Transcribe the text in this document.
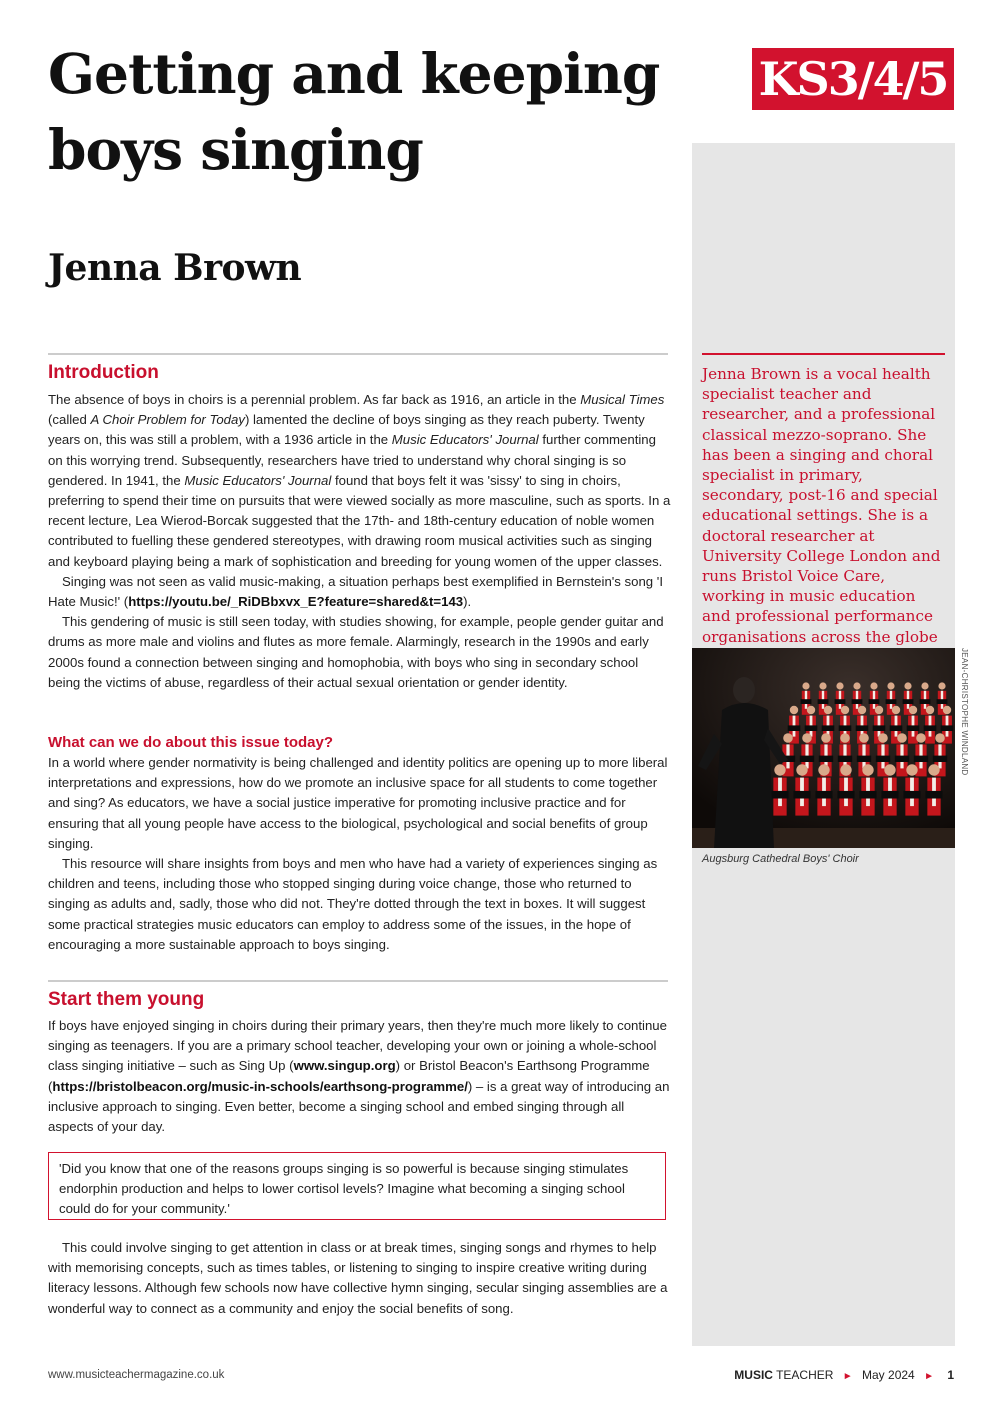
Getting and keeping boys singing
KS3/4/5
Jenna Brown

Jenna Brown is a vocal health specialist teacher and researcher, and a professional classical mezzo-soprano. She has been a singing and choral specialist in primary, secondary, post-16 and special educational settings. She is a doctoral researcher at University College London and runs Bristol Voice Care, working in music education and professional performance organisations across the globe

JEAN-CHRISTOPHE WINDLAND

Augsburg Cathedral Boys' Choir

Introduction

The absence of boys in choirs is a perennial problem. As far back as 1916, an article in the Musical Times (called A Choir Problem for Today) lamented the decline of boys singing as they reach puberty. Twenty years on, this was still a problem, with a 1936 article in the Music Educators' Journal further commenting on this worrying trend. Subsequently, researchers have tried to understand why choral singing is so gendered. In 1941, the Music Educators' Journal found that boys felt it was 'sissy' to sing in choirs, preferring to spend their time on pursuits that were viewed socially as more masculine, such as sports. In a recent lecture, Lea Wierod-Borcak suggested that the 17th- and 18th-century education of noble women contributed to fuelling these gendered stereotypes, with drawing room musical activities such as singing and keyboard playing being a mark of sophistication and breeding for young women of the upper classes.

Singing was not seen as valid music-making, a situation perhaps best exemplified in Bernstein's song 'I Hate Music!' (https://youtu.be/_RiDBbxvx_E?feature=shared&t=143).

This gendering of music is still seen today, with studies showing, for example, people gender guitar and drums as more male and violins and flutes as more female. Alarmingly, research in the 1990s and early 2000s found a connection between singing and homophobia, with boys who sing in secondary school being the victims of abuse, regardless of their actual sexual orientation or gender identity.

What can we do about this issue today?

In a world where gender normativity is being challenged and identity politics are opening up to more liberal interpretations and expressions, how do we promote an inclusive space for all students to come together and sing? As educators, we have a social justice imperative for promoting inclusive practice and for ensuring that all young people have access to the biological, psychological and social benefits of group singing.

This resource will share insights from boys and men who have had a variety of experiences singing as children and teens, including those who stopped singing during voice change, those who returned to singing as adults and, sadly, those who did not. They're dotted through the text in boxes. It will suggest some practical strategies music educators can employ to address some of the issues, in the hope of encouraging a more sustainable approach to boys singing.

Start them young

If boys have enjoyed singing in choirs during their primary years, then they're much more likely to continue singing as teenagers. If you are a primary school teacher, developing your own or joining a whole-school class singing initiative – such as Sing Up (www.singup.org) or Bristol Beacon's Earthsong Programme (https://bristolbeacon.org/music-in-schools/earthsong-programme/) – is a great way of introducing an inclusive approach to singing. Even better, become a singing school and embed singing through all aspects of your day.

'Did you know that one of the reasons groups singing is so powerful is because singing stimulates endorphin production and helps to lower cortisol levels? Imagine what becoming a singing school could do for your community.'

This could involve singing to get attention in class or at break times, singing songs and rhymes to help with memorising concepts, such as times tables, or listening to singing to inspire creative writing during literacy lessons. Although few schools now have collective hymn singing, secular singing assemblies are a wonderful way to connect as a community and enjoy the social benefits of song.

www.musicteachermagazine.co.uk	MUSIC TEACHER ► May 2024 ► 1
